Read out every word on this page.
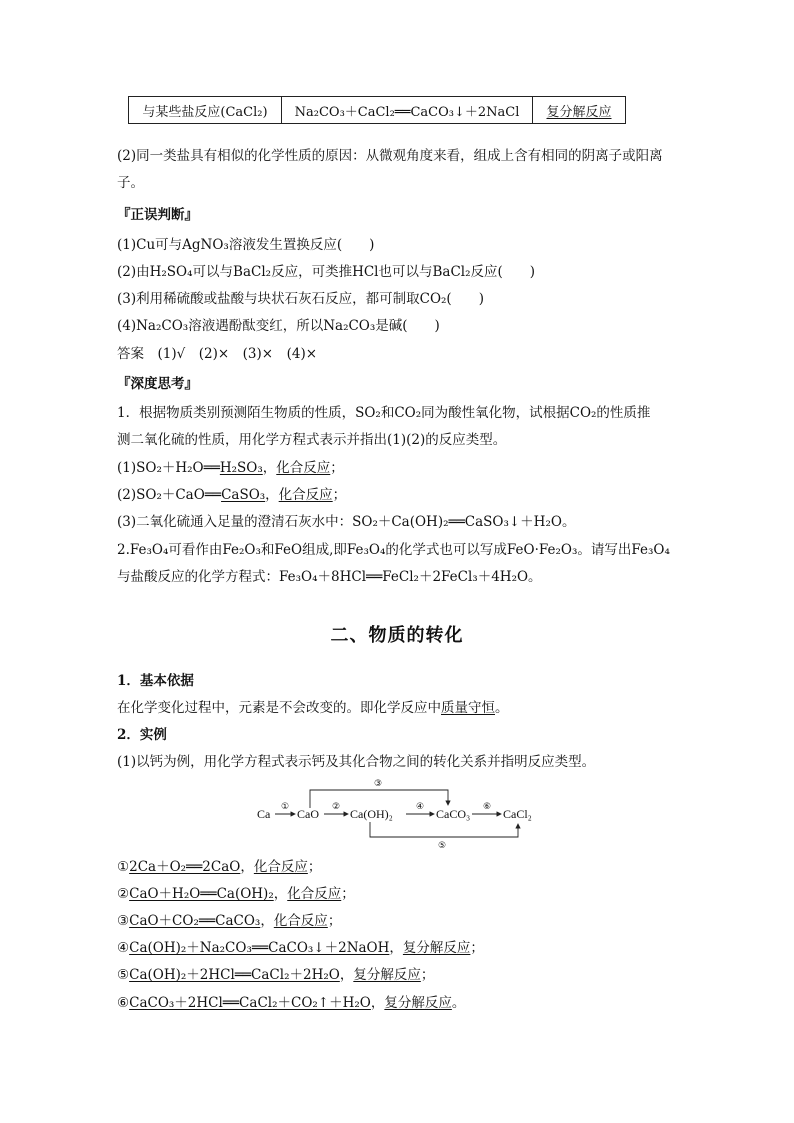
与某些盐反应(CaCl₂)	Na₂CO₃＋CaCl₂══CaCO₃↓＋2NaCl	复分解反应
(2)同一类盐具有相似的化学性质的原因：从微观角度来看，组成上含有相同的阴离子或阳离
子。
『正误判断』
(1)Cu可与AgNO₃溶液发生置换反应(　　)
(2)由H₂SO₄可以与BaCl₂反应，可类推HCl也可以与BaCl₂反应(　　)
(3)利用稀硫酸或盐酸与块状石灰石反应，都可制取CO₂(　　)
(4)Na₂CO₃溶液遇酚酞变红，所以Na₂CO₃是碱(　　)
答案　(1)√　(2)×　(3)×　(4)×
『深度思考』
1．根据物质类别预测陌生物质的性质，SO₂和CO₂同为酸性氧化物，试根据CO₂的性质推
测二氧化硫的性质，用化学方程式表示并指出(1)(2)的反应类型。
(1)SO₂＋H₂O══H₂SO₃，化合反应；
(2)SO₂＋CaO══CaSO₃，化合反应；
(3)二氧化硫通入足量的澄清石灰水中：SO₂＋Ca(OH)₂══CaSO₃↓＋H₂O。
2.Fe₃O₄可看作由Fe₂O₃和FeO组成,即Fe₃O₄的化学式也可以写成FeO·Fe₂O₃。请写出Fe₃O₄
与盐酸反应的化学方程式：Fe₃O₄＋8HCl══FeCl₂＋2FeCl₃＋4H₂O。
二、物质的转化
1．基本依据
在化学变化过程中，元素是不会改变的。即化学反应中质量守恒。
2．实例
(1)以钙为例，用化学方程式表示钙及其化合物之间的转化关系并指明反应类型。
Ca CaO	Ca(OH)₂	CaCO₃	CaCl₂
①	②
③
④
⑤
⑥
①2Ca＋O₂══2CaO，化合反应；
②CaO＋H₂O══Ca(OH)₂，化合反应；
③CaO＋CO₂══CaCO₃，化合反应；
④Ca(OH)₂＋Na₂CO₃══CaCO₃↓＋2NaOH，复分解反应；
⑤Ca(OH)₂＋2HCl══CaCl₂＋2H₂O，复分解反应；
⑥CaCO₃＋2HCl══CaCl₂＋CO₂↑＋H₂O，复分解反应。
